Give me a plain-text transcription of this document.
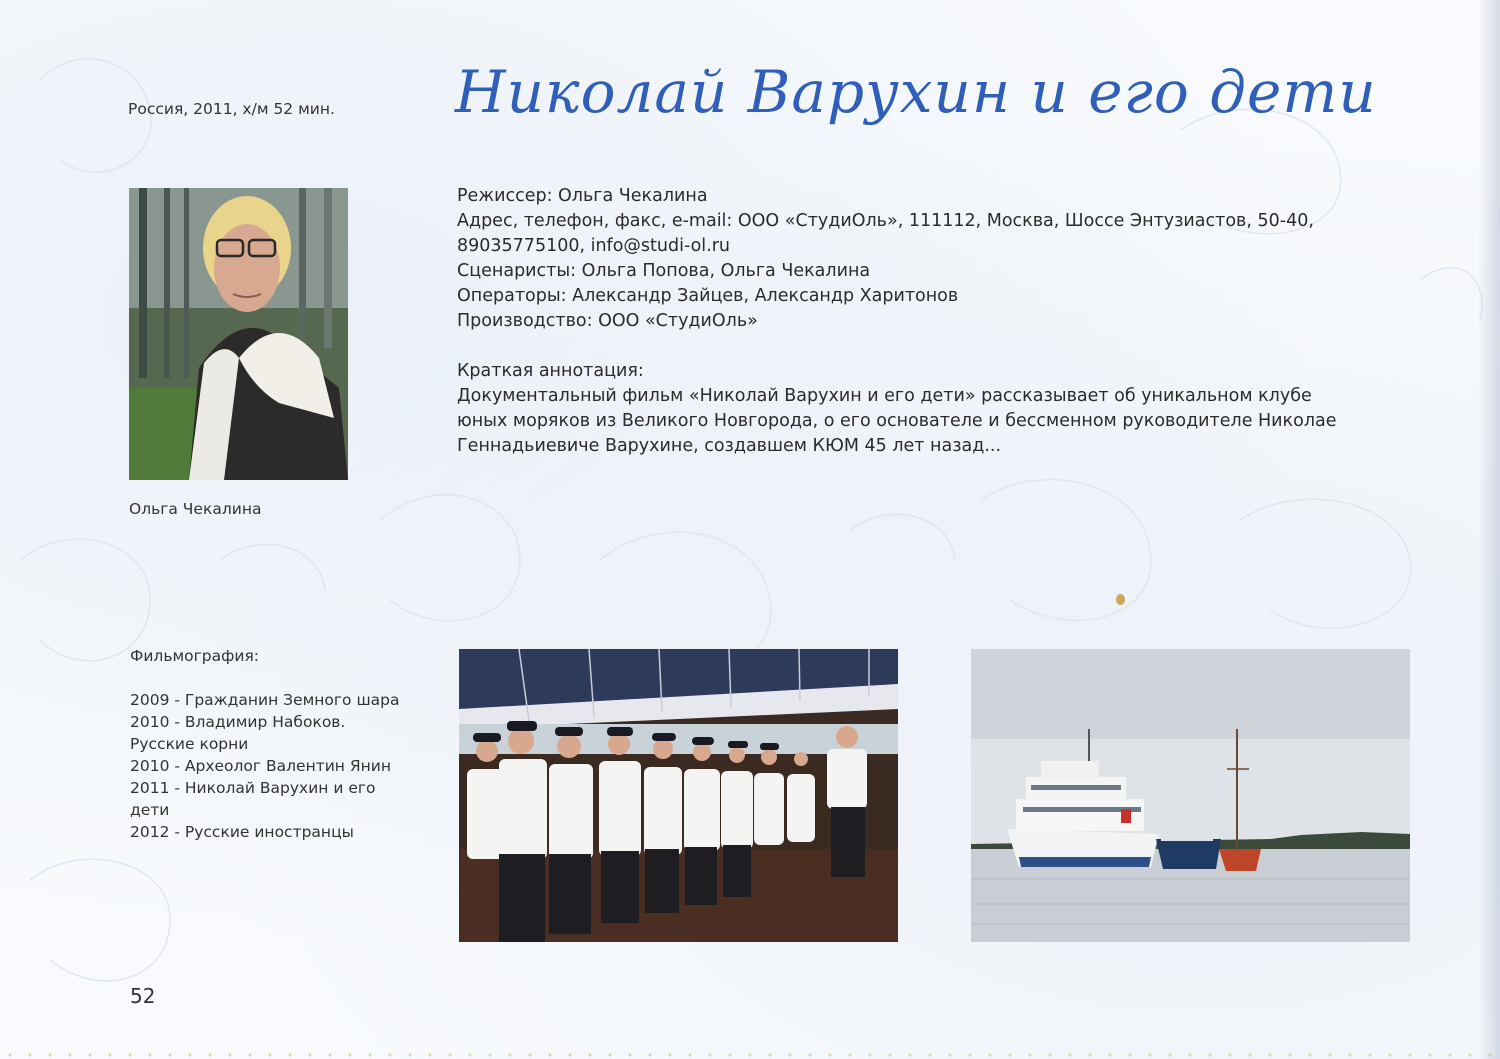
Россия, 2011, х/м 52 мин. Николай Варухин и его дети
Ольга Чекалина
Режиссер: Ольга Чекалина
Адрес, телефон, факс, e-mail: ООО «СтудиОль», 111112, Москва, Шоссе Энтузиастов, 50-40,
89035775100, info@studi-ol.ru
Сценаристы: Ольга Попова, Ольга Чекалина
Операторы: Александр Зайцев, Александр Харитонов
Производство: ООО «СтудиОль»
Краткая аннотация:
Документальный фильм «Николай Варухин и его дети» рассказывает об уникальном клубе
юных моряков из Великого Новгорода, о его основателе и бессменном руководителе Николае
Геннадьиевиче Варухине, создавшем КЮМ 45 лет назад...
Фильмография:
2009 - Гражданин Земного шара
2010 - Владимир Набоков.
Русские корни
2010 - Археолог Валентин Янин
2011 - Николай Варухин и его
дети
2012 - Русские иностранцы
52
